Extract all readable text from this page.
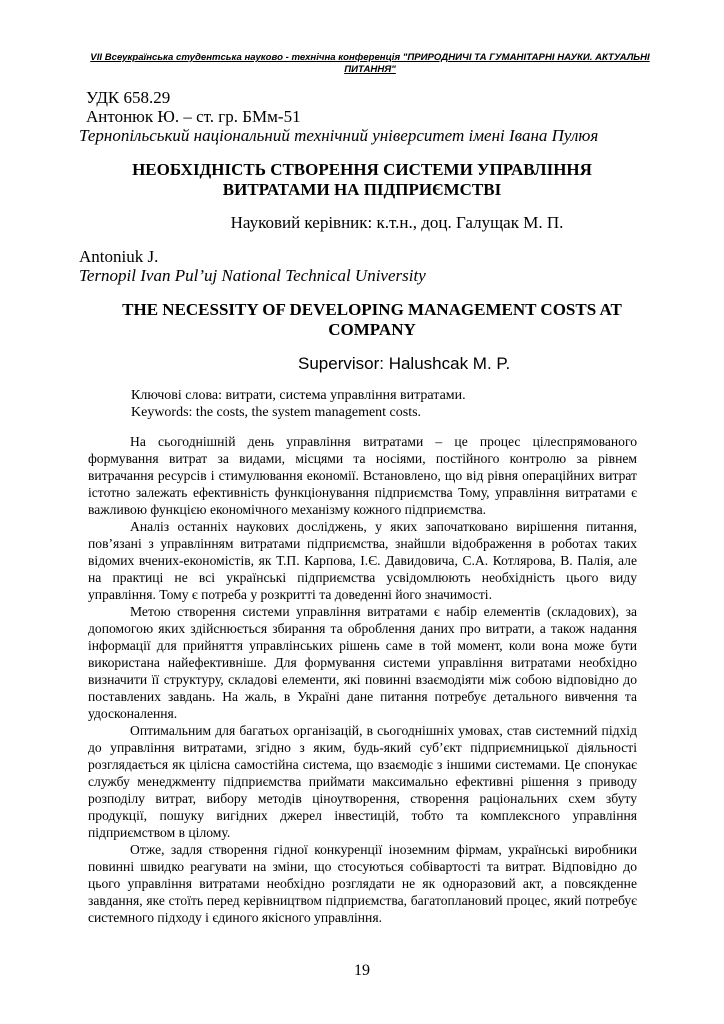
VII Всеукраїнська студентська науково - технічна конференція "ПРИРОДНИЧІ ТА ГУМАНІТАРНІ НАУКИ. АКТУАЛЬНІ ПИТАННЯ"
УДК 658.29
Антонюк Ю. – ст. гр. БМм-51
Тернопільський національний технічний університет імені Івана Пулюя
НЕОБХІДНІСТЬ СТВОРЕННЯ СИСТЕМИ УПРАВЛІННЯ ВИТРАТАМИ НА ПІДПРИЄМСТВІ
Науковий керівник: к.т.н., доц. Галущак М. П.
Antoniuk J.
Ternopil Ivan Pul’uj National Technical University
THE NECESSITY OF DEVELOPING MANAGEMENT COSTS AT COMPANY
Supervisor: Halushcak M. P.
Ключові слова: витрати, система управління витратами.
Keywords: the costs, the system management costs.

На сьогоднішній день управління витратами – це процес цілеспрямованого формування витрат за видами, місцями та носіями, постійного контролю за рівнем витрачання ресурсів і стимулювання економії. Встановлено, що від рівня операційних витрат істотно залежать ефективність функціонування підприємства Тому, управління витратами є важливою функцією економічного механізму кожного підприємства.

Аналіз останніх наукових досліджень, у яких започатковано вирішення питання, пов’язані з управлінням витратами підприємства, знайшли відображення в роботах таких відомих вчених-економістів, як Т.П. Карпова, І.Є. Давидовича, С.А. Котлярова, В. Палія, але на практиці не всі українські підприємства усвідомлюють необхідність цього виду управління. Тому є потреба у розкритті та доведенні його значимості.

Метою створення системи управління витратами є набір елементів (складових), за допомогою яких здійснюється збирання та оброблення даних про витрати, а також надання інформації для прийняття управлінських рішень саме в той момент, коли вона може бути використана найефективніше. Для формування системи управління витратами необхідно визначити її структуру, складові елементи, які повинні взаємодіяти між собою відповідно до поставлених завдань. На жаль, в Україні дане питання потребує детального вивчення та удосконалення.

Оптимальним для багатьох організацій, в сьогоднішніх умовах, став системний підхід до управління витратами, згідно з яким, будь-який суб’єкт підприємницької діяльності розглядається як цілісна самостійна система, що взаємодіє з іншими системами. Це спонукає службу менеджменту підприємства приймати максимально ефективні рішення з приводу розподілу витрат, вибору методів ціноутворення, створення раціональних схем збуту продукції, пошуку вигідних джерел інвестицій, тобто та комплексного управління підприємством в цілому.

Отже, задля створення гідної конкуренції іноземним фірмам, українські виробники повинні швидко реагувати на зміни, що стосуються собівартості та витрат. Відповідно до цього управління витратами необхідно розглядати не як одноразовий акт, а повсякденне завдання, яке стоїть перед керівництвом підприємства, багатоплановий процес, який потребує системного підходу і єдиного якісного управління.

19
